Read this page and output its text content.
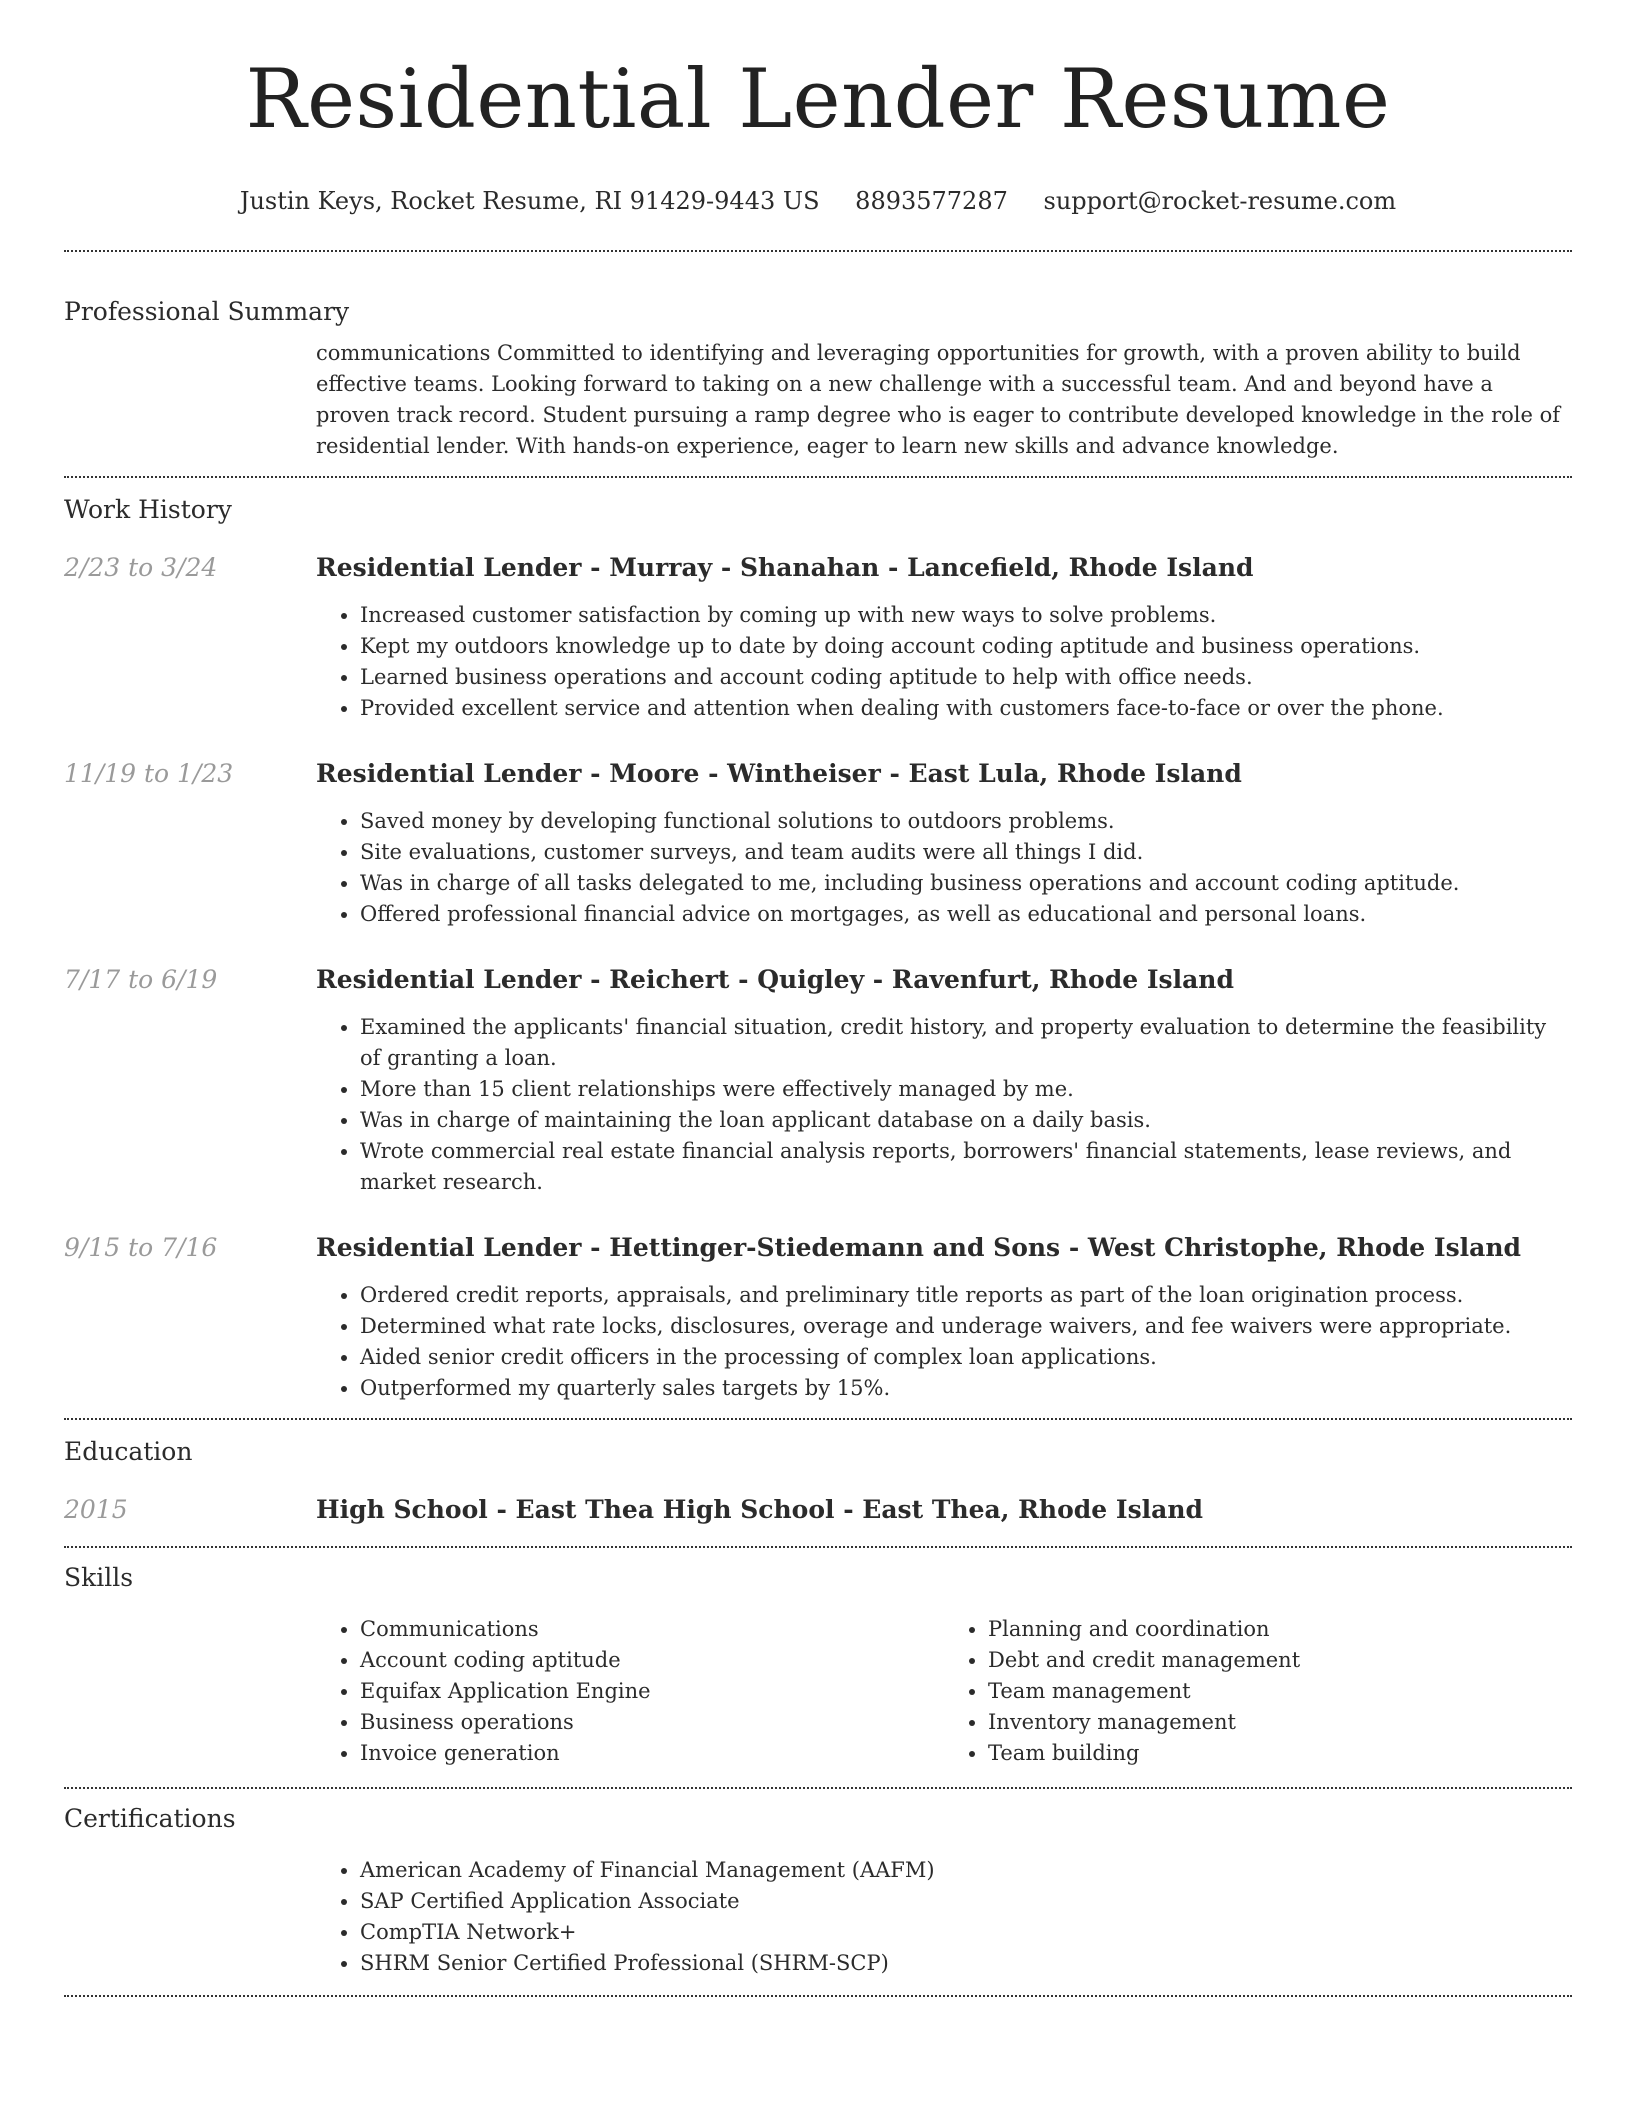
Residential Lender Resume
Justin Keys, Rocket Resume, RI 91429-9443 US 8893577287 support@rocket-resume.com
Professional Summary

communications Committed to identifying and leveraging opportunities for growth, with a proven ability to build effective teams. Looking forward to taking on a new challenge with a successful team. And and beyond have a proven track record. Student pursuing a ramp degree who is eager to contribute developed knowledge in the role of residential lender. With hands-on experience, eager to learn new skills and advance knowledge.

Work History
2/23 to 3/24	Residential Lender - Murray - Shanahan - Lancefield, Rhode Island
• Increased customer satisfaction by coming up with new ways to solve problems.
• Kept my outdoors knowledge up to date by doing account coding aptitude and business operations.
• Learned business operations and account coding aptitude to help with office needs.
• Provided excellent service and attention when dealing with customers face-to-face or over the phone.
11/19 to 1/23	Residential Lender - Moore - Wintheiser - East Lula, Rhode Island
• Saved money by developing functional solutions to outdoors problems.
• Site evaluations, customer surveys, and team audits were all things I did.
• Was in charge of all tasks delegated to me, including business operations and account coding aptitude.
• Offered professional financial advice on mortgages, as well as educational and personal loans.
7/17 to 6/19	Residential Lender - Reichert - Quigley - Ravenfurt, Rhode Island
• Examined the applicants' financial situation, credit history, and property evaluation to determine the feasibility of granting a loan.
• More than 15 client relationships were effectively managed by me.
• Was in charge of maintaining the loan applicant database on a daily basis.
• Wrote commercial real estate financial analysis reports, borrowers' financial statements, lease reviews, and market research.
9/15 to 7/16	Residential Lender - Hettinger-Stiedemann and Sons - West Christophe, Rhode Island
• Ordered credit reports, appraisals, and preliminary title reports as part of the loan origination process.
• Determined what rate locks, disclosures, overage and underage waivers, and fee waivers were appropriate.
• Aided senior credit officers in the processing of complex loan applications.
• Outperformed my quarterly sales targets by 15%.
Education
2015	High School - East Thea High School - East Thea, Rhode Island
Skills
• Communications
• Account coding aptitude
• Equifax Application Engine
• Business operations
• Invoice generation
• Planning and coordination
• Debt and credit management
• Team management
• Inventory management
• Team building
Certifications
• American Academy of Financial Management (AAFM)
• SAP Certified Application Associate
• CompTIA Network+
• SHRM Senior Certified Professional (SHRM-SCP)
